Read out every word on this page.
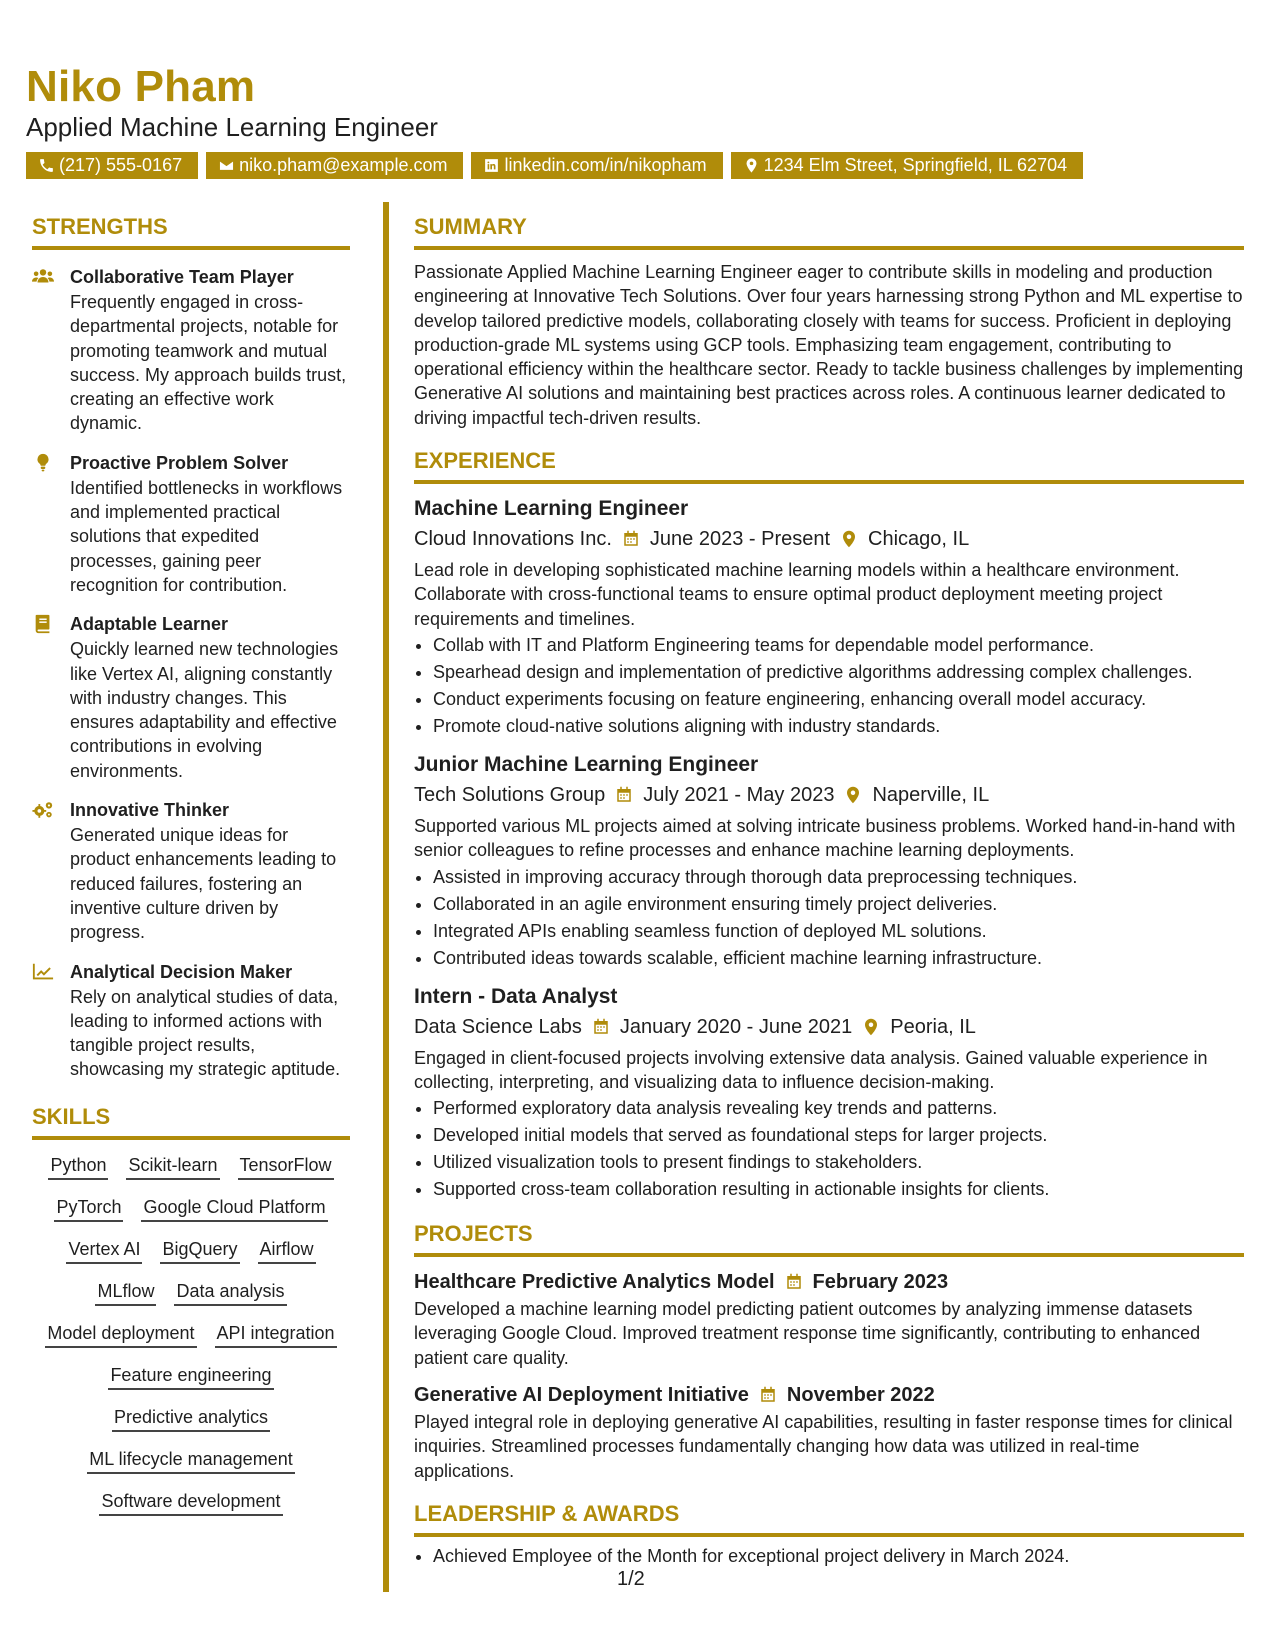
Niko Pham
Applied Machine Learning Engineer
(217) 555-0167	niko.pham@example.com	linkedin.com/in/nikopham	1234 Elm Street, Springfield, IL 62704
STRENGTHS
Collaborative Team Player
Frequently engaged in cross-departmental projects, notable for promoting teamwork and mutual success. My approach builds trust, creating an effective work dynamic.
Proactive Problem Solver
Identified bottlenecks in workflows and implemented practical solutions that expedited processes, gaining peer recognition for contribution.
Adaptable Learner
Quickly learned new technologies like Vertex AI, aligning constantly with industry changes. This ensures adaptability and effective contributions in evolving environments.
Innovative Thinker
Generated unique ideas for product enhancements leading to reduced failures, fostering an inventive culture driven by progress.
Analytical Decision Maker
Rely on analytical studies of data, leading to informed actions with tangible project results, showcasing my strategic aptitude.
SKILLS
Python Scikit-learn TensorFlow
PyTorch Google Cloud Platform
Vertex AI BigQuery Airflow
MLflow Data analysis
Model deployment API integration
Feature engineering
Predictive analytics
ML lifecycle management
Software development
SUMMARY

Passionate Applied Machine Learning Engineer eager to contribute skills in modeling and production engineering at Innovative Tech Solutions. Over four years harnessing strong Python and ML expertise to develop tailored predictive models, collaborating closely with teams for success. Proficient in deploying production-grade ML systems using GCP tools. Emphasizing team engagement, contributing to operational efficiency within the healthcare sector. Ready to tackle business challenges by implementing Generative AI solutions and maintaining best practices across roles. A continuous learner dedicated to driving impactful tech-driven results.

EXPERIENCE
Machine Learning Engineer
Cloud Innovations Inc. June 2023 - Present Chicago, IL
Lead role in developing sophisticated machine learning models within a healthcare environment. Collaborate with cross-functional teams to ensure optimal product deployment meeting project requirements and timelines.
• Collab with IT and Platform Engineering teams for dependable model performance.
• Spearhead design and implementation of predictive algorithms addressing complex challenges.
• Conduct experiments focusing on feature engineering, enhancing overall model accuracy.
• Promote cloud-native solutions aligning with industry standards.
Junior Machine Learning Engineer
Tech Solutions Group July 2021 - May 2023 Naperville, IL
Supported various ML projects aimed at solving intricate business problems. Worked hand-in-hand with senior colleagues to refine processes and enhance machine learning deployments.
• Assisted in improving accuracy through thorough data preprocessing techniques.
• Collaborated in an agile environment ensuring timely project deliveries.
• Integrated APIs enabling seamless function of deployed ML solutions.
• Contributed ideas towards scalable, efficient machine learning infrastructure.
Intern - Data Analyst
Data Science Labs January 2020 - June 2021 Peoria, IL
Engaged in client-focused projects involving extensive data analysis. Gained valuable experience in collecting, interpreting, and visualizing data to influence decision-making.
• Performed exploratory data analysis revealing key trends and patterns.
• Developed initial models that served as foundational steps for larger projects.
• Utilized visualization tools to present findings to stakeholders.
• Supported cross-team collaboration resulting in actionable insights for clients.
PROJECTS
Healthcare Predictive Analytics Model February 2023
Developed a machine learning model predicting patient outcomes by analyzing immense datasets leveraging Google Cloud. Improved treatment response time significantly, contributing to enhanced patient care quality.
Generative AI Deployment Initiative November 2022
Played integral role in deploying generative AI capabilities, resulting in faster response times for clinical inquiries. Streamlined processes fundamentally changing how data was utilized in real-time applications.
LEADERSHIP & AWARDS
• Achieved Employee of the Month for exceptional project delivery in March 2024.
1/2
